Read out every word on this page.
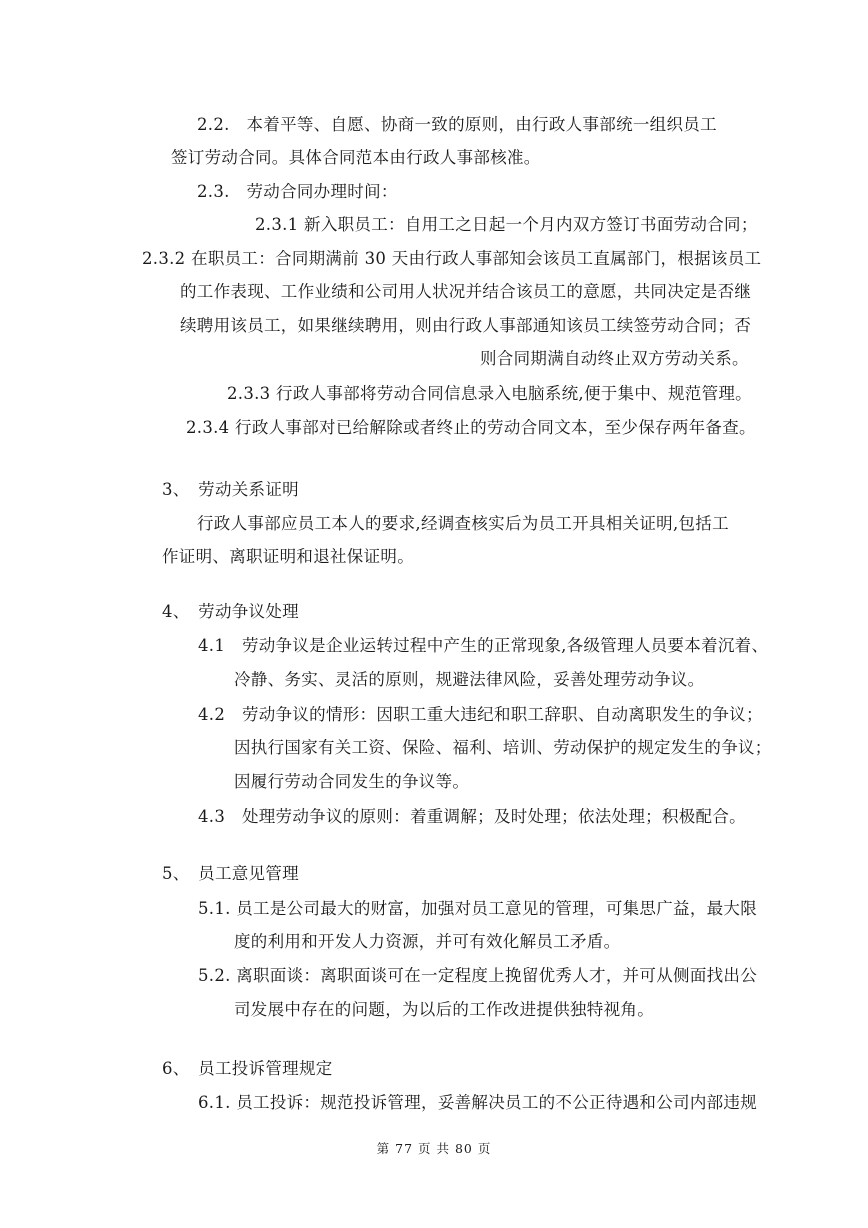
2.2.　本着平等、自愿、协商一致的原则，由行政人事部统一组织员工
签订劳动合同。具体合同范本由行政人事部核准。
2.3.　劳动合同办理时间：
2.3.1 新入职员工：自用工之日起一个月内双方签订书面劳动合同；
2.3.2 在职员工：合同期满前 30 天由行政人事部知会该员工直属部门，根据该员工
的工作表现、工作业绩和公司用人状况并结合该员工的意愿，共同决定是否继
续聘用该员工，如果继续聘用，则由行政人事部通知该员工续签劳动合同；否
则合同期满自动终止双方劳动关系。
2.3.3 行政人事部将劳动合同信息录入电脑系统,便于集中、规范管理。
2.3.4 行政人事部对已给解除或者终止的劳动合同文本，至少保存两年备查。
3、　劳动关系证明
行政人事部应员工本人的要求,经调查核实后为员工开具相关证明,包括工
作证明、离职证明和退社保证明。
4、　劳动争议处理
4.1　劳动争议是企业运转过程中产生的正常现象,各级管理人员要本着沉着、
冷静、务实、灵活的原则，规避法律风险，妥善处理劳动争议。
4.2　劳动争议的情形：因职工重大违纪和职工辞职、自动离职发生的争议；
因执行国家有关工资、保险、福利、培训、劳动保护的规定发生的争议；
因履行劳动合同发生的争议等。
4.3　处理劳动争议的原则：着重调解；及时处理；依法处理；积极配合。
5、　员工意见管理
5.1. 员工是公司最大的财富，加强对员工意见的管理，可集思广益，最大限
度的利用和开发人力资源，并可有效化解员工矛盾。
5.2. 离职面谈：离职面谈可在一定程度上挽留优秀人才，并可从侧面找出公
司发展中存在的问题，为以后的工作改进提供独特视角。
6、　员工投诉管理规定
6.1. 员工投诉：规范投诉管理，妥善解决员工的不公正待遇和公司内部违规
第 77 页 共 80 页
